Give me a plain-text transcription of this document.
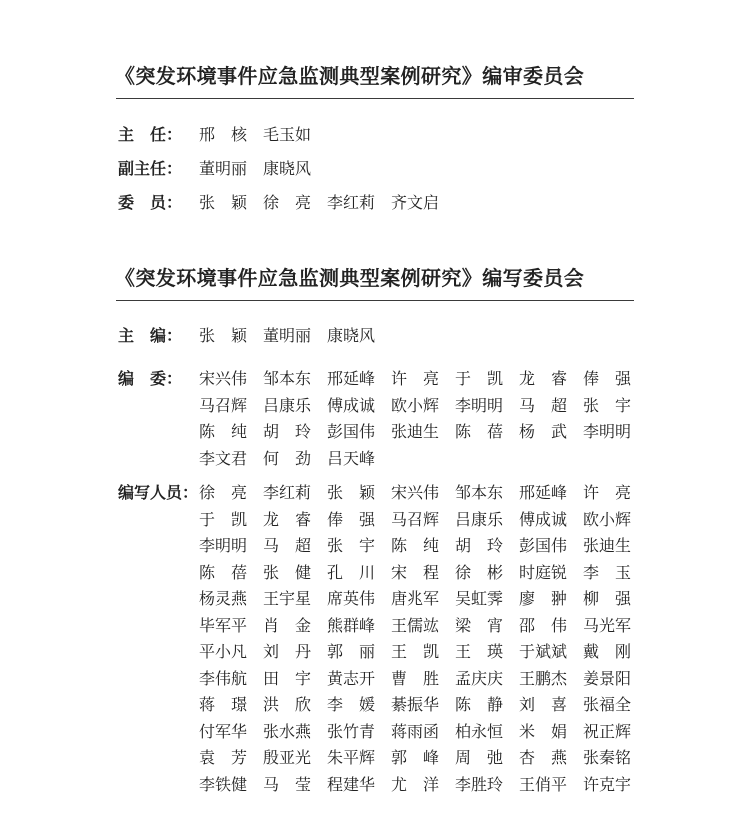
《突发环境事件应急监测典型案例研究》编审委员会
主　任：	邢　核 毛玉如
副主任：	董明丽 康晓风
委　员：	张　颖 徐　亮 李红莉 齐文启
《突发环境事件应急监测典型案例研究》编写委员会
主　编：	张　颖 董明丽 康晓风
编　委：	宋兴伟 邹本东 邢延峰 许　亮 于　凯 龙　睿 俸　强
马召辉 吕康乐 傅成诚 欧小辉 李明明 马　超 张　宇
陈　纯 胡　玲 彭国伟 张迪生 陈　蓓 杨　武 李明明
李文君 何　劲 吕天峰
编写人员： 徐　亮 李红莉 张　颖 宋兴伟 邹本东 邢延峰 许　亮
于　凯 龙　睿 俸　强 马召辉 吕康乐 傅成诚 欧小辉
李明明 马　超 张　宇 陈　纯 胡　玲 彭国伟 张迪生
陈　蓓 张　健 孔　川 宋　程 徐　彬 时庭锐 李　玉
杨灵燕 王宇星 席英伟 唐兆军 吴虹霁 廖　翀 柳　强
毕军平 肖　金 熊群峰 王儒竑 梁　宵 邵　伟 马光军
平小凡 刘　丹 郭　丽 王　凯 王　瑛 于斌斌 戴　刚
李伟航 田　宇 黄志开 曹　胜 孟庆庆 王鹏杰 姜景阳
蒋　璟 洪　欣 李　媛 綦振华 陈　静 刘　喜 张福全
付军华 张水燕 张竹青 蒋雨函 柏永恒 米　娟 祝正辉
袁　芳 殷亚光 朱平辉 郭　峰 周　弛 杏　燕 张秦铭
李铁健 马　莹 程建华 尤　洋 李胜玲 王俏平 许克宇
